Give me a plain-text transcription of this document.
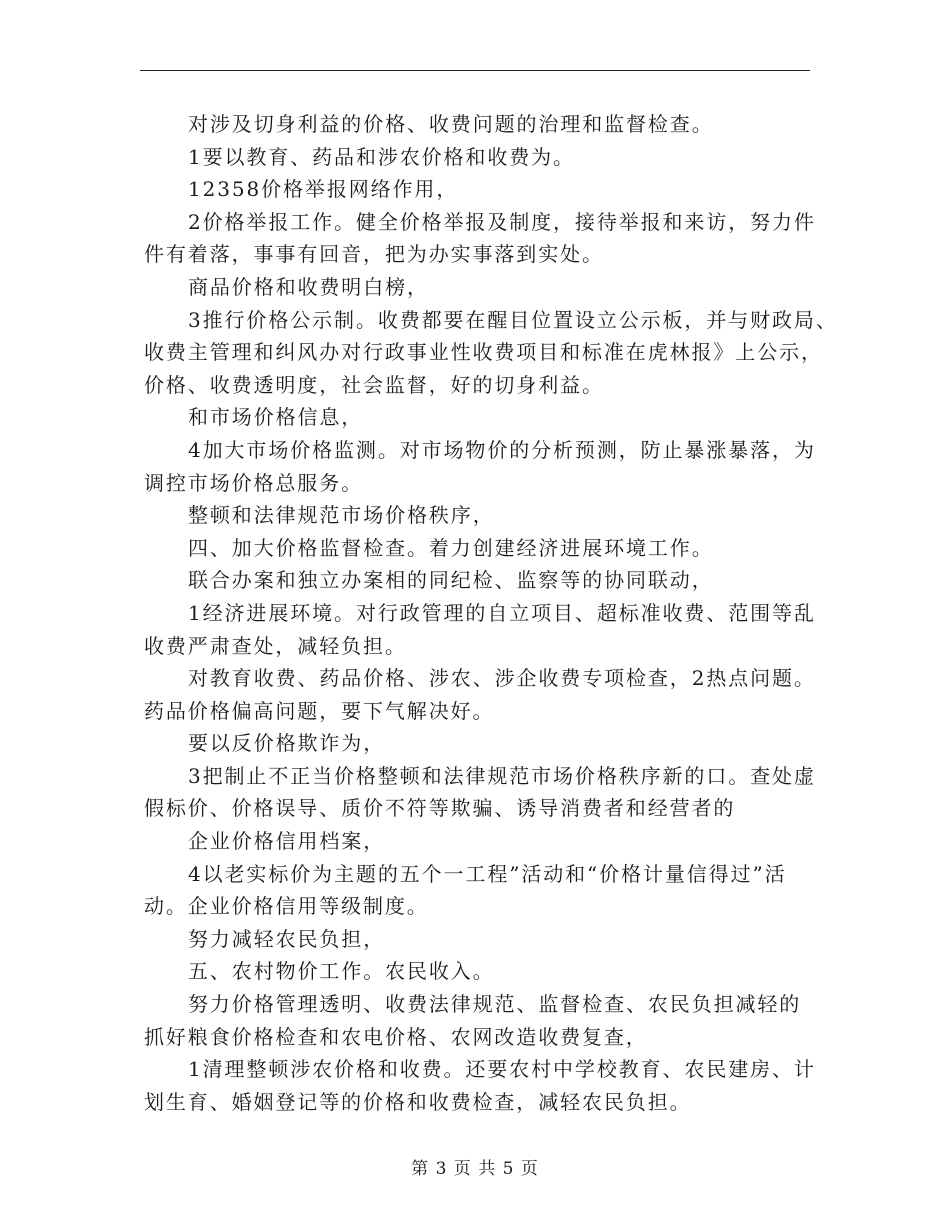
对涉及切身利益的价格、收费问题的治理和监督检查。

1要以教育、药品和涉农价格和收费为。

12358价格举报网络作用，

2价格举报工作。健全价格举报及制度，接待举报和来访，努力件

件有着落，事事有回音，把为办实事落到实处。

商品价格和收费明白榜，

3推行价格公示制。收费都要在醒目位置设立公示板，并与财政局、

收费主管理和纠风办对行政事业性收费项目和标准在虎林报》上公示，

价格、收费透明度，社会监督，好的切身利益。

和市场价格信息，

4加大市场价格监测。对市场物价的分析预测，防止暴涨暴落，为

调控市场价格总服务。

整顿和法律规范市场价格秩序，

四、加大价格监督检查。着力创建经济进展环境工作。

联合办案和独立办案相的同纪检、监察等的协同联动，

1经济进展环境。对行政管理的自立项目、超标准收费、范围等乱

收费严肃查处，减轻负担。

对教育收费、药品价格、涉农、涉企收费专项检查，2热点问题。

药品价格偏高问题，要下气解决好。

要以反价格欺诈为，

3把制止不正当价格整顿和法律规范市场价格秩序新的口。查处虚

假标价、价格误导、质价不符等欺骗、诱导消费者和经营者的

企业价格信用档案，

4以老实标价为主题的五个一工程”活动和“价格计量信得过”活

动。企业价格信用等级制度。

努力减轻农民负担，

五、农村物价工作。农民收入。

努力价格管理透明、收费法律规范、监督检查、农民负担减轻的

抓好粮食价格检查和农电价格、农网改造收费复查，

1清理整顿涉农价格和收费。还要农村中学校教育、农民建房、计

划生育、婚姻登记等的价格和收费检查，减轻农民负担。

第 3 页 共 5 页
